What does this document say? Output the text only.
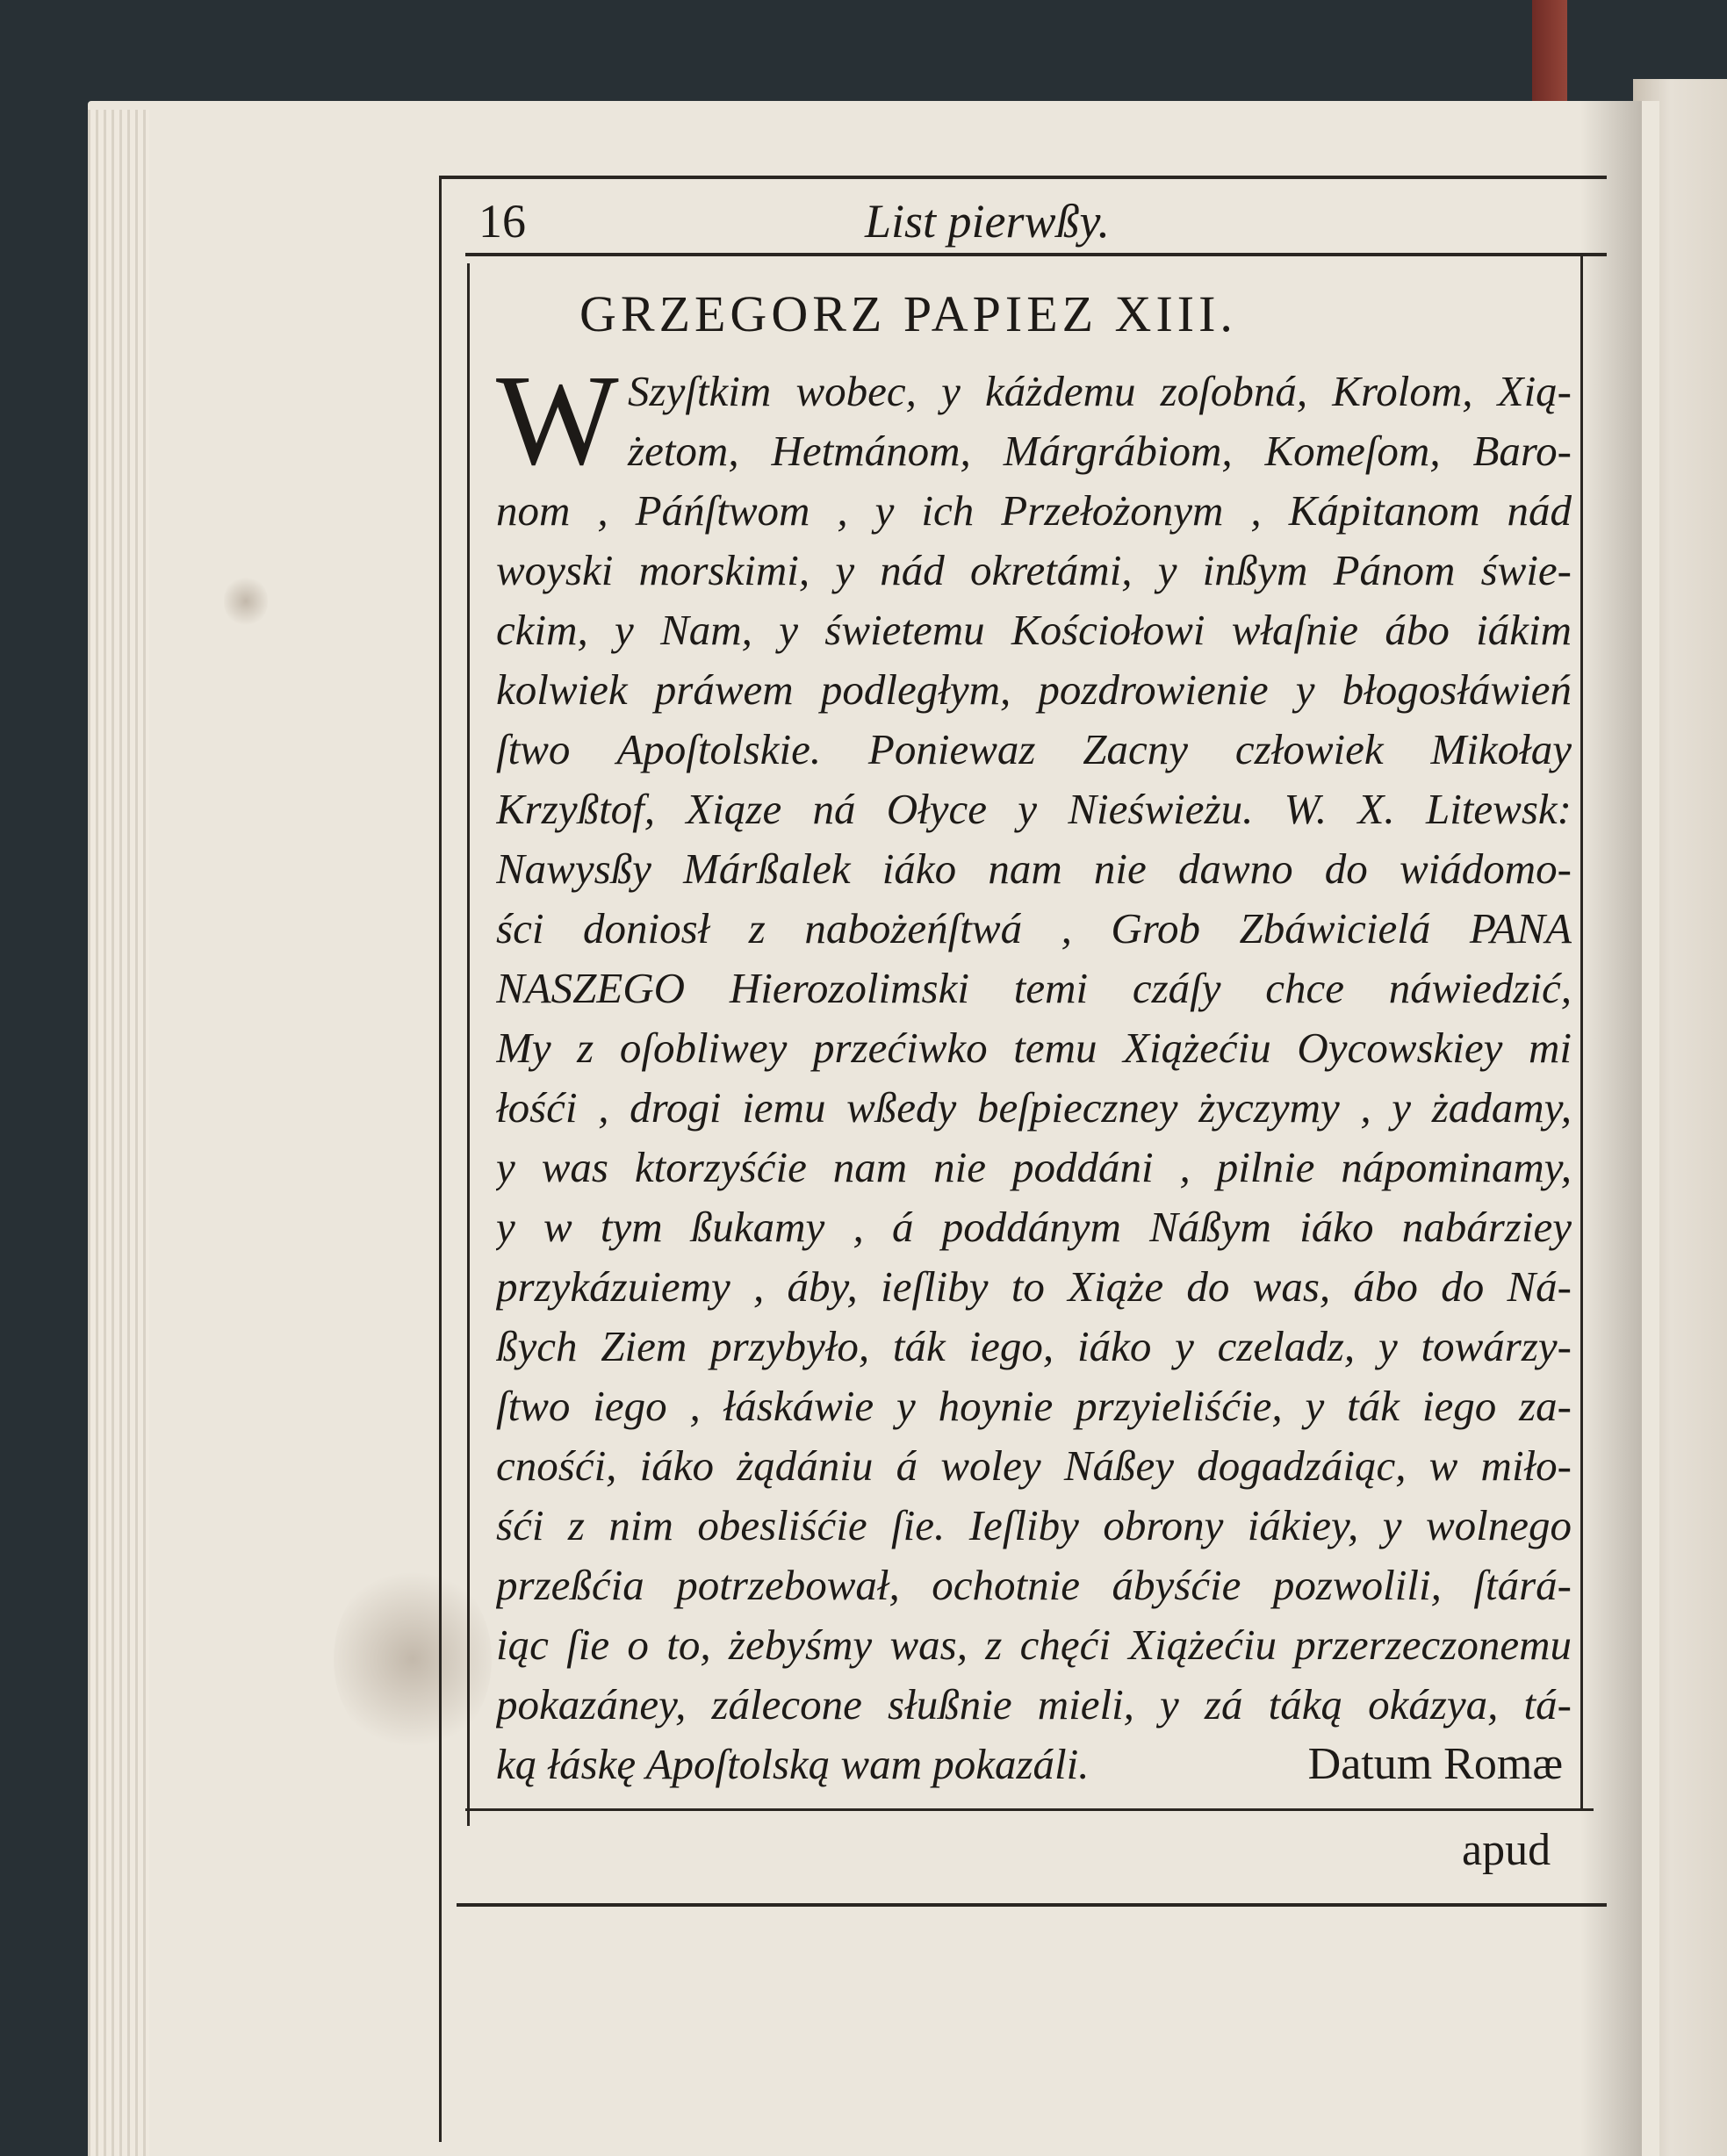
16	List pierwßy.
GRZEGORZ PAPIEZ XIII.
W Szyſtkim wobec, y káżdemu zoſobná, Krolom, Xią-
żetom, Hetmánom, Márgrábiom, Komeſom, Baro-
nom , Páńſtwom , y ich Przełożonym , Kápitanom nád
woyski morskimi, y nád okretámi, y inßym Pánom świe-
ckim, y Nam, y świetemu Kościołowi właſnie ábo iákim
kolwiek práwem podległym, pozdrowienie y błogosłáwień
ſtwo Apoſtolskie. Poniewaz Zacny człowiek Mikołay
Krzyßtof, Xiąze ná Ołyce y Nieświeżu. W. X. Litewsk:
Nawysßy Márßalek iáko nam nie dawno do wiádomo-
ści doniosł z nabożeńſtwá , Grob Zbáwicielá PANA
NASZEGO Hierozolimski temi czáſy chce náwiedzić,
My z oſobliwey przećiwko temu Xiążećiu Oycowskiey mi
łośći , drogi iemu wßedy beſpieczney życzymy , y żadamy,
y was ktorzyśćie nam nie poddáni , pilnie nápominamy,
y w tym ßukamy , á poddánym Náßym iáko nabárziey
przykázuiemy , áby, ieſliby to Xiąże do was, ábo do Ná-
ßych Ziem przybyło, ták iego, iáko y czeladz, y towárzy-
ſtwo iego , łáskáwie y hoynie przyieliśćie, y ták iego za-
cnośći, iáko żądániu á woley Náßey dogadzáiąc, w miło-
śći z nim obesliśćie ſie. Ieſliby obrony iákiey, y wolnego
przeßćia potrzebował, ochotnie ábyśćie pozwolili, ſtárá-
iąc ſie o to, żebyśmy was, z chęći Xiążećiu przerzeczonemu
pokazáney, zálecone słußnie mieli, y zá táką okázya, tá-
ką łáskę Apoſtolską wam pokazáli.	Datum Romæ
apud
